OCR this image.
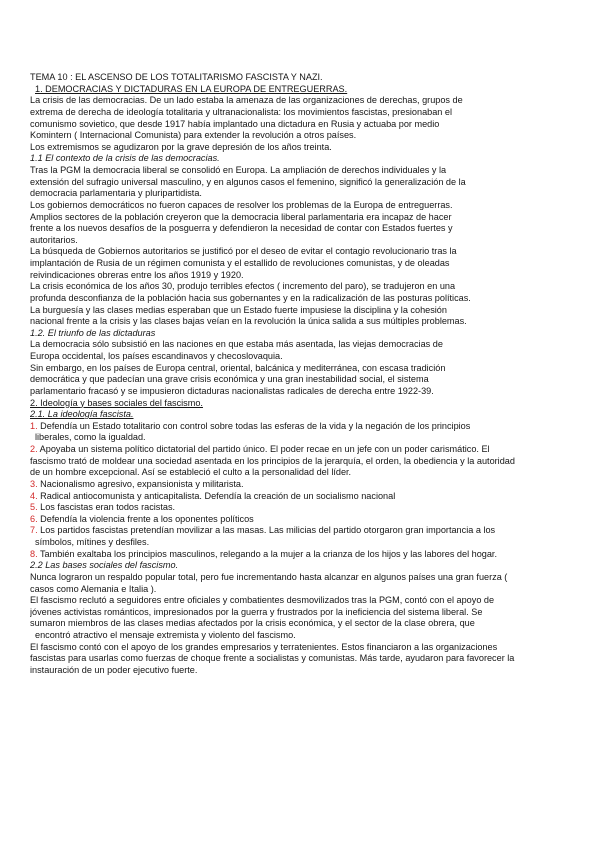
TEMA 10 : EL ASCENSO DE LOS TOTALITARISMO FASCISTA Y NAZI.
1. DEMOCRACIAS Y DICTADURAS EN LA EUROPA DE ENTREGUERRAS.
La crisis de las democracias. De un lado estaba la amenaza de las organizaciones de derechas, grupos de
extrema de derecha de ideología totalitaria y ultranacionalista: los movimientos fascistas, presionaban el
comunismo sovietico, que desde 1917 había implantado una dictadura en Rusia y actuaba por medio
Komintern ( Internacional Comunista) para extender la revolución a otros países.
Los extremismos se agudizaron por la grave depresión de los años treinta.
1.1 El contexto de la crisis de las democracias.
Tras la PGM la democracia liberal se consolidó en Europa. La ampliación de derechos individuales y la
extensión del sufragio universal masculino, y en algunos casos el femenino, significó la generalización de la
democracia parlamentaria y pluripartidista.
Los gobiernos democráticos no fueron capaces de resolver los problemas de la Europa de entreguerras.
Amplios sectores de la población creyeron que la democracia liberal parlamentaria era incapaz de hacer
frente a los nuevos desafíos de la posguerra y defendieron la necesidad de contar con Estados fuertes y
autoritarios.
La búsqueda de Gobiernos autoritarios se justificó por el deseo de evitar el contagio revolucionario tras la
implantación de Rusia de un régimen comunista y el estallido de revoluciones comunistas, y de oleadas
reivindicaciones obreras entre los años 1919 y 1920.
La crisis económica de los años 30, produjo terribles efectos ( incremento del paro), se tradujeron en una
profunda desconfianza de la población hacia sus gobernantes y en la radicalización de las posturas políticas.
La burguesía y las clases medias esperaban que un Estado fuerte impusiese la disciplina y la cohesión
nacional frente a la crisis y las clases bajas veían en la revolución la única salida a sus múltiples problemas.
1.2. El triunfo de las dictaduras
La democracia sólo subsistió en las naciones en que estaba más asentada, las viejas democracias de
Europa occidental, los países escandinavos y checoslovaquia.
Sin embargo, en los países de Europa central, oriental, balcánica y mediterránea, con escasa tradición
democrática y que padecían una grave crisis económica y una gran inestabilidad social, el sistema
parlamentario fracasó y se impusieron dictaduras nacionalistas radicales de derecha entre 1922-39.
2. Ideología y bases sociales del fascismo.
2.1. La ideología fascista.
1. Defendía un Estado totalitario con control sobre todas las esferas de la vida y la negación de los principios
liberales, como la igualdad.
2. Apoyaba un sistema político dictatorial del partido único. El poder recae en un jefe con un poder carismático. El
fascismo trató de moldear una sociedad asentada en los principios de la jerarquía, el orden, la obediencia y la autoridad
de un hombre excepcional. Así se estableció el culto a la personalidad del líder.
3. Nacionalismo agresivo, expansionista y militarista.
4. Radical antiocomunista y anticapitalista. Defendía la creación de un socialismo nacional
5. Los fascistas eran todos racistas.
6. Defendía la violencia frente a los oponentes políticos
7. Los partidos fascistas pretendían movilizar a las masas. Las milicias del partido otorgaron gran importancia a los
símbolos, mítines y desfiles.
8. También exaltaba los principios masculinos, relegando a la mujer a la crianza de los hijos y las labores del hogar.
2.2 Las bases sociales del fascismo.
Nunca lograron un respaldo popular total, pero fue incrementando hasta alcanzar en algunos países una gran fuerza (
casos como Alemania e Italia ).
El fascismo reclutó a seguidores entre oficiales y combatientes desmovilizados tras la PGM, contó con el apoyo de
jóvenes activistas románticos, impresionados por la guerra y frustrados por la ineficiencia del sistema liberal. Se
sumaron miembros de las clases medias afectados por la crisis económica, y el sector de la clase obrera, que
encontró atractivo el mensaje extremista y violento del fascismo.
El fascismo contó con el apoyo de los grandes empresarios y terratenientes. Estos financiaron a las organizaciones
fascistas para usarlas como fuerzas de choque frente a socialistas y comunistas. Más tarde, ayudaron para favorecer la
instauración de un poder ejecutivo fuerte.
